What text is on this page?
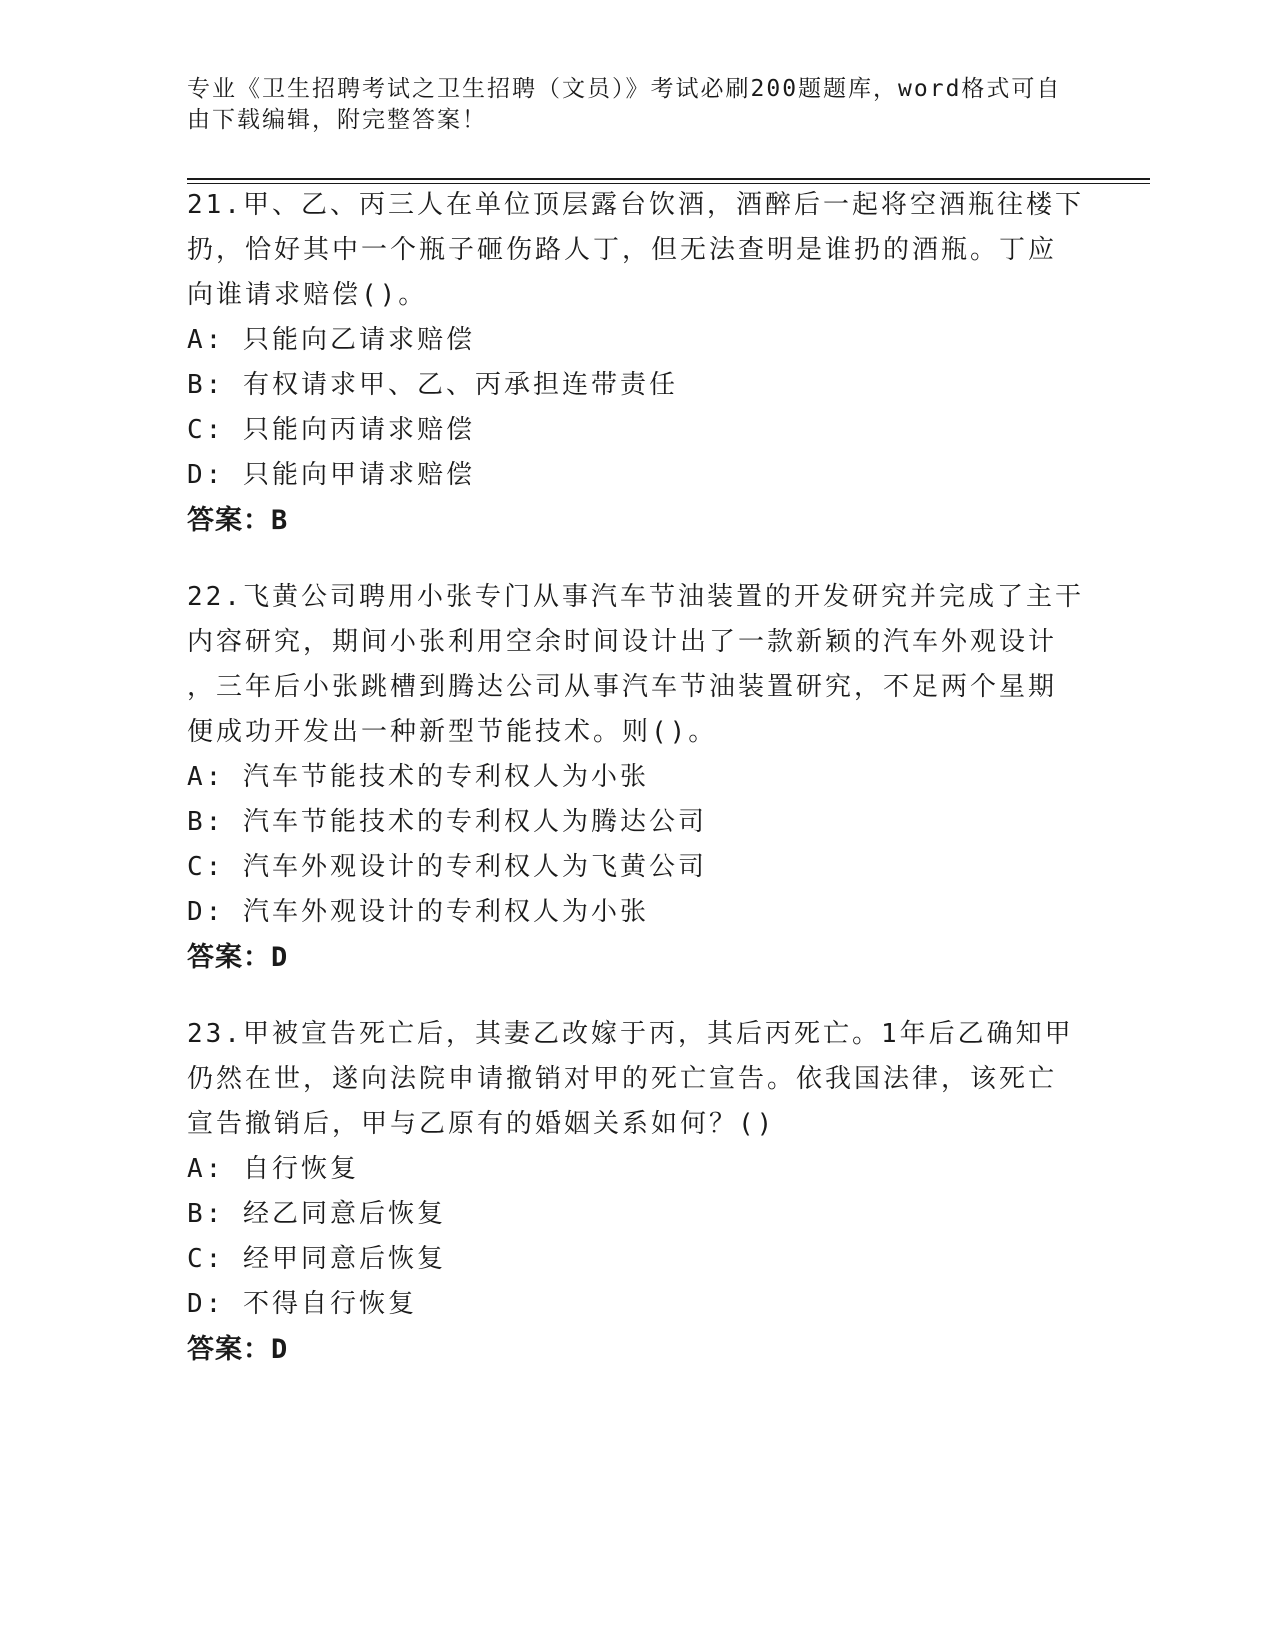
专业《卫生招聘考试之卫生招聘（文员）》考试必刷200题题库，word格式可自
由下载编辑，附完整答案！
21.甲、乙、丙三人在单位顶层露台饮酒，酒醉后一起将空酒瓶往楼下
扔，恰好其中一个瓶子砸伤路人丁，但无法查明是谁扔的酒瓶。丁应
向谁请求赔偿()。
A: 只能向乙请求赔偿
B: 有权请求甲、乙、丙承担连带责任
C: 只能向丙请求赔偿
D: 只能向甲请求赔偿
答案：B
22.飞黄公司聘用小张专门从事汽车节油装置的开发研究并完成了主干
内容研究，期间小张利用空余时间设计出了一款新颖的汽车外观设计
，三年后小张跳槽到腾达公司从事汽车节油装置研究，不足两个星期
便成功开发出一种新型节能技术。则()。
A: 汽车节能技术的专利权人为小张
B: 汽车节能技术的专利权人为腾达公司
C: 汽车外观设计的专利权人为飞黄公司
D: 汽车外观设计的专利权人为小张
答案：D
23.甲被宣告死亡后，其妻乙改嫁于丙，其后丙死亡。1年后乙确知甲
仍然在世，遂向法院申请撤销对甲的死亡宣告。依我国法律，该死亡
宣告撤销后，甲与乙原有的婚姻关系如何？()
A: 自行恢复
B: 经乙同意后恢复
C: 经甲同意后恢复
D: 不得自行恢复
答案：D
